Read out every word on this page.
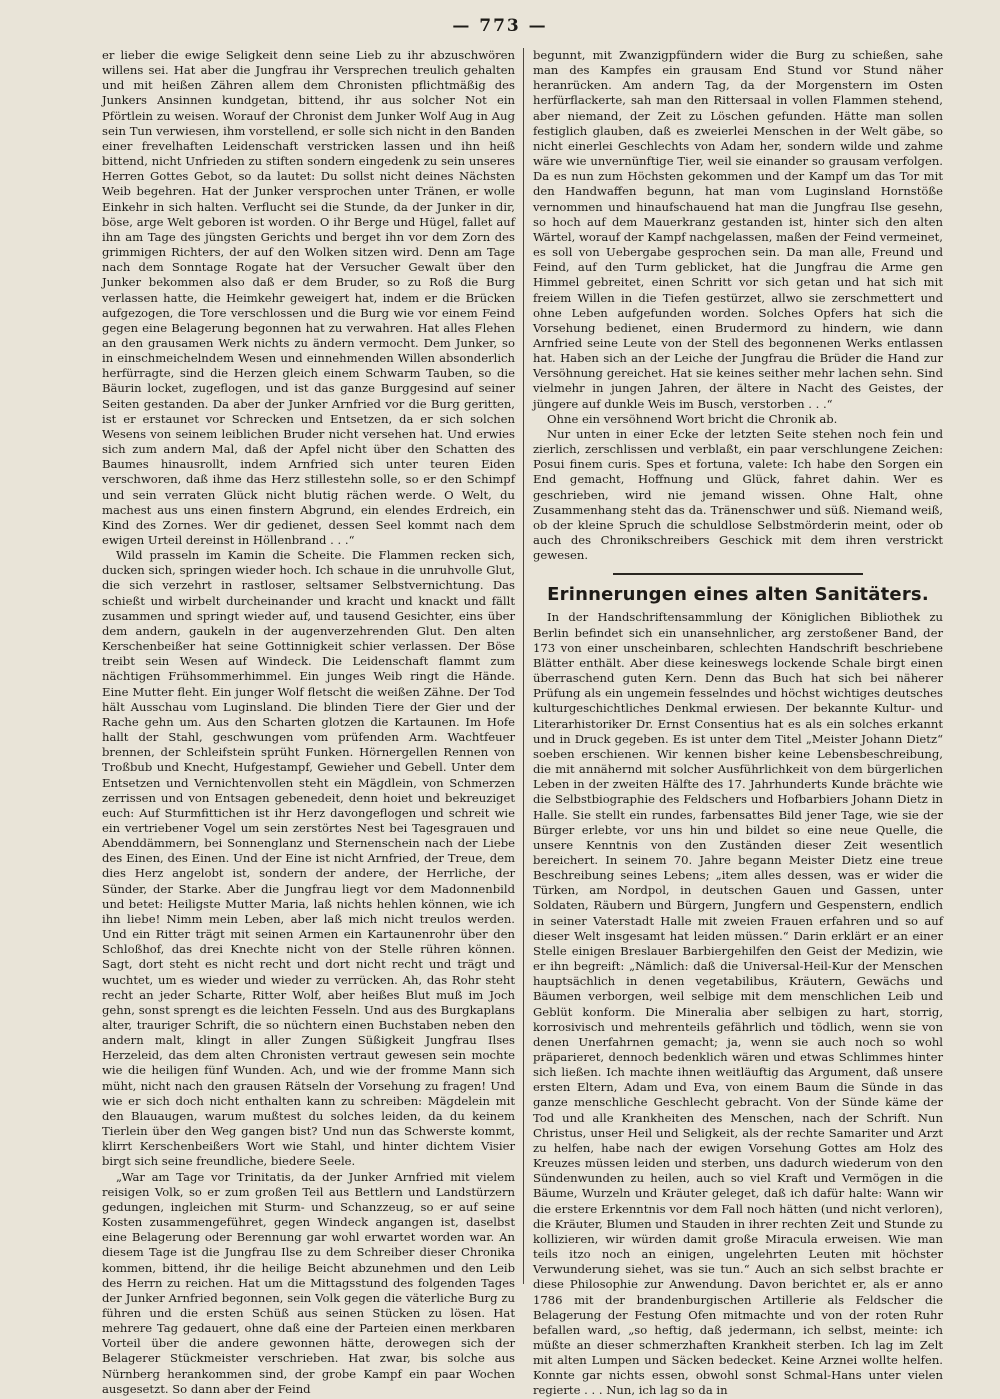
— 773 —

er lieber die ewige Seligkeit denn seine Lieb zu ihr abzuschwören willens sei. Hat aber die Jungfrau ihr Versprechen treulich gehalten und mit heißen Zähren allem dem Chronisten pflichtmäßig des Junkers Ansinnen kundgetan, bittend, ihr aus solcher Not ein Pförtlein zu weisen. Worauf der Chronist dem Junker Wolf Aug in Aug sein Tun verwiesen, ihm vorstellend, er solle sich nicht in den Banden einer frevelhaften Leidenschaft verstricken lassen und ihn heiß bittend, nicht Unfrieden zu stiften sondern eingedenk zu sein unseres Herren Gottes Gebot, so da lautet: Du sollst nicht deines Nächsten Weib begehren. Hat der Junker versprochen unter Tränen, er wolle Einkehr in sich halten. Verflucht sei die Stunde, da der Junker in dir, böse, arge Welt geboren ist worden. O ihr Berge und Hügel, fallet auf ihn am Tage des jüngsten Gerichts und berget ihn vor dem Zorn des grimmigen Richters, der auf den Wolken sitzen wird. Denn am Tage nach dem Sonntage Rogate hat der Versucher Gewalt über den Junker bekommen also daß er dem Bruder, so zu Roß die Burg verlassen hatte, die Heimkehr geweigert hat, indem er die Brücken aufgezogen, die Tore verschlossen und die Burg wie vor einem Feind gegen eine Belagerung begonnen hat zu verwahren. Hat alles Flehen an den grausamen Werk nichts zu ändern vermocht. Dem Junker, so in einschmeichelndem Wesen und einnehmenden Willen absonderlich herfürragte, sind die Herzen gleich einem Schwarm Tauben, so die Bäurin locket, zugeflogen, und ist das ganze Burggesind auf seiner Seiten gestanden. Da aber der Junker Arnfried vor die Burg geritten, ist er erstaunet vor Schrecken und Entsetzen, da er sich solchen Wesens von seinem leiblichen Bruder nicht versehen hat. Und erwies sich zum andern Mal, daß der Apfel nicht über den Schatten des Baumes hinausrollt, indem Arnfried sich unter teuren Eiden verschworen, daß ihme das Herz stillestehn solle, so er den Schimpf und sein verraten Glück nicht blutig rächen werde. O Welt, du machest aus uns einen finstern Abgrund, ein elendes Erdreich, ein Kind des Zornes. Wer dir gedienet, dessen Seel kommt nach dem ewigen Urteil dereinst in Höllenbrand . . .“

Wild prasseln im Kamin die Scheite. Die Flammen recken sich, ducken sich, springen wieder hoch. Ich schaue in die unruhvolle Glut, die sich verzehrt in rastloser, seltsamer Selbstvernichtung. Das schießt und wirbelt durcheinander und kracht und knackt und fällt zusammen und springt wieder auf, und tausend Gesichter, eins über dem andern, gaukeln in der augenverzehrenden Glut. Den alten Kerschenbeißer hat seine Gottinnigkeit schier verlassen. Der Böse treibt sein Wesen auf Windeck. Die Leidenschaft flammt zum nächtigen Frühsommerhimmel. Ein junges Weib ringt die Hände. Eine Mutter fleht. Ein junger Wolf fletscht die weißen Zähne. Der Tod hält Ausschau vom Luginsland. Die blinden Tiere der Gier und der Rache gehn um. Aus den Scharten glotzen die Kartaunen. Im Hofe hallt der Stahl, geschwungen vom prüfenden Arm. Wachtfeuer brennen, der Schleifstein sprüht Funken. Hörnergellen Rennen von Troßbub und Knecht, Hufgestampf, Gewieher und Gebell. Unter dem Entsetzen und Vernichtenvollen steht ein Mägdlein, von Schmerzen zerrissen und von Entsagen gebenedeit, denn hoiet und bekreuziget euch: Auf Sturmfittichen ist ihr Herz davongeflogen und schreit wie ein vertriebener Vogel um sein zerstörtes Nest bei Tagesgrauen und Abenddämmern, bei Sonnenglanz und Sternenschein nach der Liebe des Einen, des Einen. Und der Eine ist nicht Arnfried, der Treue, dem dies Herz angelobt ist, sondern der andere, der Herrliche, der Sünder, der Starke. Aber die Jungfrau liegt vor dem Madonnenbild und betet: Heiligste Mutter Maria, laß nichts hehlen können, wie ich ihn liebe! Nimm mein Leben, aber laß mich nicht treulos werden. Und ein Ritter trägt mit seinen Armen ein Kartaunenrohr über den Schloßhof, das drei Knechte nicht von der Stelle rühren können. Sagt, dort steht es nicht recht und dort nicht recht und trägt und wuchtet, um es wieder und wieder zu verrücken. Ah, das Rohr steht recht an jeder Scharte, Ritter Wolf, aber heißes Blut muß im Joch gehn, sonst sprengt es die leichten Fesseln. Und aus des Burgkaplans alter, trauriger Schrift, die so nüchtern einen Buchstaben neben den andern malt, klingt in aller Zungen Süßigkeit Jungfrau Ilses Herzeleid, das dem alten Chronisten vertraut gewesen sein mochte wie die heiligen fünf Wunden. Ach, und wie der fromme Mann sich müht, nicht nach den grausen Rätseln der Vorsehung zu fragen! Und wie er sich doch nicht enthalten kann zu schreiben: Mägdelein mit den Blauaugen, warum mußtest du solches leiden, da du keinem Tierlein über den Weg gangen bist? Und nun das Schwerste kommt, klirrt Kerschenbeißers Wort wie Stahl, und hinter dichtem Visier birgt sich seine freundliche, biedere Seele.

„War am Tage vor Trinitatis, da der Junker Arnfried mit vielem reisigen Volk, so er zum großen Teil aus Bettlern und Landstürzern gedungen, ingleichen mit Sturm- und Schanzzeug, so er auf seine Kosten zusammengeführet, gegen Windeck angangen ist, daselbst eine Belagerung oder Berennung gar wohl erwartet worden war. An diesem Tage ist die Jungfrau Ilse zu dem Schreiber dieser Chronika kommen, bittend, ihr die heilige Beicht abzunehmen und den Leib des Herrn zu reichen. Hat um die Mittagsstund des folgenden Tages der Junker Arnfried begonnen, sein Volk gegen die väterliche Burg zu führen und die ersten Schüß aus seinen Stücken zu lösen. Hat mehrere Tag gedauert, ohne daß eine der Parteien einen merkbaren Vorteil über die andere gewonnen hätte, derowegen sich der Belagerer Stückmeister verschrieben. Hat zwar, bis solche aus Nürnberg herankommen sind, der grobe Kampf ein paar Wochen ausgesetzt. So dann aber der Feind

begunnt, mit Zwanzigpfündern wider die Burg zu schießen, sahe man des Kampfes ein grausam End Stund vor Stund näher heranrücken. Am andern Tag, da der Morgenstern im Osten herfürflackerte, sah man den Rittersaal in vollen Flammen stehend, aber niemand, der Zeit zu Löschen gefunden. Hätte man sollen festiglich glauben, daß es zweierlei Menschen in der Welt gäbe, so nicht einerlei Geschlechts von Adam her, sondern wilde und zahme wäre wie unvernünftige Tier, weil sie einander so grausam verfolgen. Da es nun zum Höchsten gekommen und der Kampf um das Tor mit den Handwaffen begunn, hat man vom Luginsland Hornstöße vernommen und hinaufschauend hat man die Jungfrau Ilse gesehn, so hoch auf dem Mauerkranz gestanden ist, hinter sich den alten Wärtel, worauf der Kampf nachgelassen, maßen der Feind vermeinet, es soll von Uebergabe gesprochen sein. Da man alle, Freund und Feind, auf den Turm geblicket, hat die Jungfrau die Arme gen Himmel gebreitet, einen Schritt vor sich getan und hat sich mit freiem Willen in die Tiefen gestürzet, allwo sie zerschmettert und ohne Leben aufgefunden worden. Solches Opfers hat sich die Vorsehung bedienet, einen Brudermord zu hindern, wie dann Arnfried seine Leute von der Stell des begonnenen Werks entlassen hat. Haben sich an der Leiche der Jungfrau die Brüder die Hand zur Versöhnung gereichet. Hat sie keines seither mehr lachen sehn. Sind vielmehr in jungen Jahren, der ältere in Nacht des Geistes, der jüngere auf dunkle Weis im Busch, verstorben . . .“

Ohne ein versöhnend Wort bricht die Chronik ab.

Nur unten in einer Ecke der letzten Seite stehen noch fein und zierlich, zerschlissen und verblaßt, ein paar verschlungene Zeichen: Posui finem curis. Spes et fortuna, valete: Ich habe den Sorgen ein End gemacht, Hoffnung und Glück, fahret dahin. Wer es geschrieben, wird nie jemand wissen. Ohne Halt, ohne Zusammenhang steht das da. Tränenschwer und süß. Niemand weiß, ob der kleine Spruch die schuldlose Selbstmörderin meint, oder ob auch des Chronikschreibers Geschick mit dem ihren verstrickt gewesen.

Erinnerungen eines alten Sanitäters.

In der Handschriftensammlung der Königlichen Bibliothek zu Berlin befindet sich ein unansehnlicher, arg zerstoßener Band, der 173 von einer unscheinbaren, schlechten Handschrift beschriebene Blätter enthält. Aber diese keineswegs lockende Schale birgt einen überraschend guten Kern. Denn das Buch hat sich bei näherer Prüfung als ein ungemein fesselndes und höchst wichtiges deutsches kulturgeschichtliches Denkmal erwiesen. Der bekannte Kultur- und Literarhistoriker Dr. Ernst Consentius hat es als ein solches erkannt und in Druck gegeben. Es ist unter dem Titel „Meister Johann Dietz“ soeben erschienen. Wir kennen bisher keine Lebensbeschreibung, die mit annähernd mit solcher Ausführlichkeit von dem bürgerlichen Leben in der zweiten Hälfte des 17. Jahrhunderts Kunde brächte wie die Selbstbiographie des Feldschers und Hofbarbiers Johann Dietz in Halle. Sie stellt ein rundes, farbensattes Bild jener Tage, wie sie der Bürger erlebte, vor uns hin und bildet so eine neue Quelle, die unsere Kenntnis von den Zuständen dieser Zeit wesentlich bereichert. In seinem 70. Jahre begann Meister Dietz eine treue Beschreibung seines Lebens; „item alles dessen, was er wider die Türken, am Nordpol, in deutschen Gauen und Gassen, unter Soldaten, Räubern und Bürgern, Jungfern und Gespenstern, endlich in seiner Vaterstadt Halle mit zweien Frauen erfahren und so auf dieser Welt insgesamt hat leiden müssen.“ Darin erklärt er an einer Stelle einigen Breslauer Barbiergehilfen den Geist der Medizin, wie er ihn begreift: „Nämlich: daß die Universal-Heil-Kur der Menschen hauptsächlich in denen vegetabilibus, Kräutern, Gewächs und Bäumen verborgen, weil selbige mit dem menschlichen Leib und Geblüt konform. Die Mineralia aber selbigen zu hart, storrig, korrosivisch und mehrenteils gefährlich und tödlich, wenn sie von denen Unerfahrnen gemacht; ja, wenn sie auch noch so wohl präparieret, dennoch bedenklich wären und etwas Schlimmes hinter sich ließen. Ich machte ihnen weitläuftig das Argument, daß unsere ersten Eltern, Adam und Eva, von einem Baum die Sünde in das ganze menschliche Geschlecht gebracht. Von der Sünde käme der Tod und alle Krankheiten des Menschen, nach der Schrift. Nun Christus, unser Heil und Seligkeit, als der rechte Samariter und Arzt zu helfen, habe nach der ewigen Vorsehung Gottes am Holz des Kreuzes müssen leiden und sterben, uns dadurch wiederum von den Sündenwunden zu heilen, auch so viel Kraft und Vermögen in die Bäume, Wurzeln und Kräuter geleget, daß ich dafür halte: Wann wir die erstere Erkenntnis vor dem Fall noch hätten (und nicht verloren), die Kräuter, Blumen und Stauden in ihrer rechten Zeit und Stunde zu kollizieren, wir würden damit große Miracula erweisen. Wie man teils itzo noch an einigen, ungelehrten Leuten mit höchster Verwunderung siehet, was sie tun.“ Auch an sich selbst brachte er diese Philosophie zur Anwendung. Davon berichtet er, als er anno 1786 mit der brandenburgischen Artillerie als Feldscher die Belagerung der Festung Ofen mitmachte und von der roten Ruhr befallen ward, „so heftig, daß jedermann, ich selbst, meinte: ich müßte an dieser schmerzhaften Krankheit sterben. Ich lag im Zelt mit alten Lumpen und Säcken bedecket. Keine Arznei wollte helfen. Konnte gar nichts essen, obwohl sonst Schmal-Hans unter vielen regierte . . . Nun, ich lag so da in
